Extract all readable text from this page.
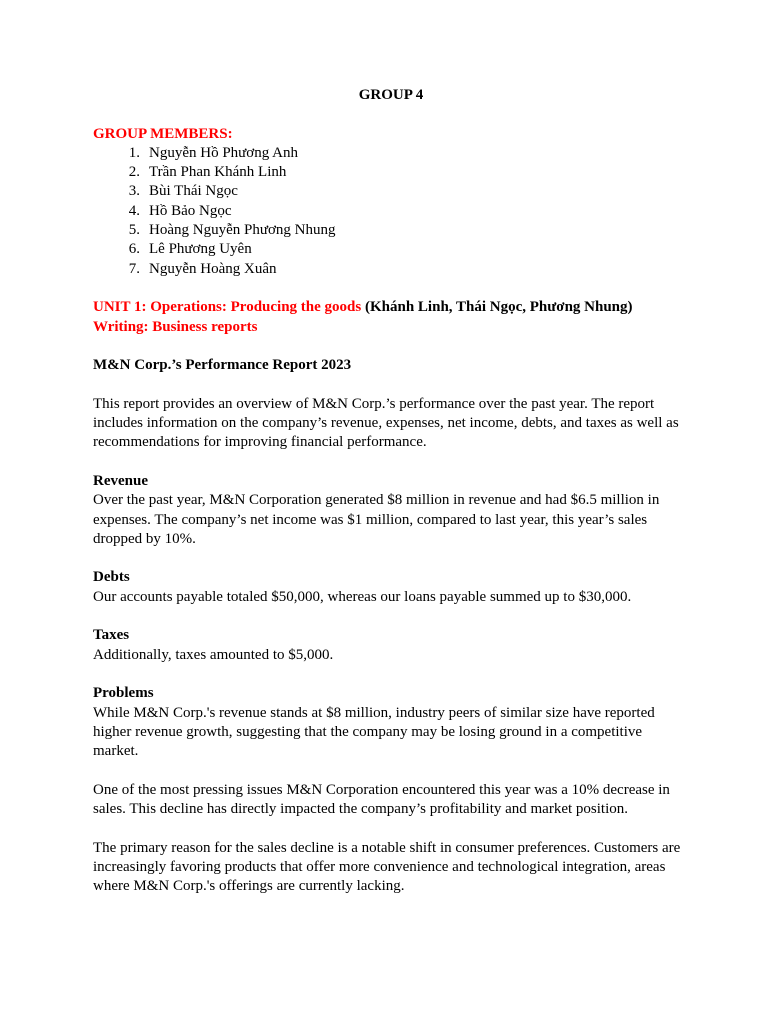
GROUP 4

GROUP MEMBERS:

1. Nguyễn Hồ Phương Anh
2. Trần Phan Khánh Linh
3. Bùi Thái Ngọc
4. Hồ Bảo Ngọc
5. Hoàng Nguyễn Phương Nhung
6. Lê Phương Uyên
7. Nguyễn Hoàng Xuân

UNIT 1: Operations: Producing the goods (Khánh Linh, Thái Ngọc, Phương Nhung)

Writing: Business reports

M&N Corp.’s Performance Report 2023

This report provides an overview of M&N Corp.’s performance over the past year. The report includes information on the company’s revenue, expenses, net income, debts, and taxes as well as recommendations for improving financial performance.

Revenue

Over the past year, M&N Corporation generated $8 million in revenue and had $6.5 million in expenses. The company’s net income was $1 million, compared to last year, this year’s sales dropped by 10%.

Debts

Our accounts payable totaled $50,000, whereas our loans payable summed up to $30,000.

Taxes

Additionally, taxes amounted to $5,000.

Problems

While M&N Corp.'s revenue stands at $8 million, industry peers of similar size have reported higher revenue growth, suggesting that the company may be losing ground in a competitive market.

One of the most pressing issues M&N Corporation encountered this year was a 10% decrease in sales. This decline has directly impacted the company’s profitability and market position.

The primary reason for the sales decline is a notable shift in consumer preferences. Customers are increasingly favoring products that offer more convenience and technological integration, areas where M&N Corp.'s offerings are currently lacking.
